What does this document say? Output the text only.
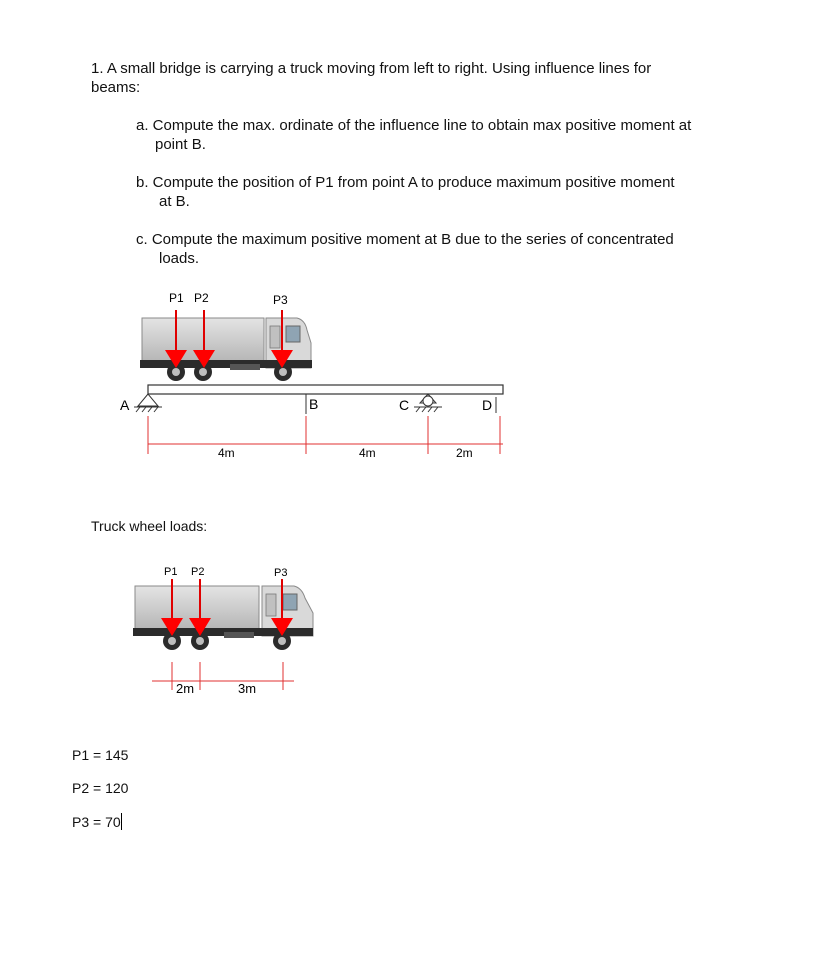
1. A small bridge is carrying a truck moving from left to right. Using influence lines for
beams:
a. Compute the max. ordinate of the influence line to obtain max positive moment at
point B.
b. Compute the position of P1 from point A to produce maximum positive moment
at B.
c. Compute the maximum positive moment at B due to the series of concentrated
loads.
P1 P2	P3
A	B	C	D
4m	4m	2m
Truck wheel loads:
P1 P2	P3
2m	3m
P1 = 145
P2 = 120
P3 = 70
